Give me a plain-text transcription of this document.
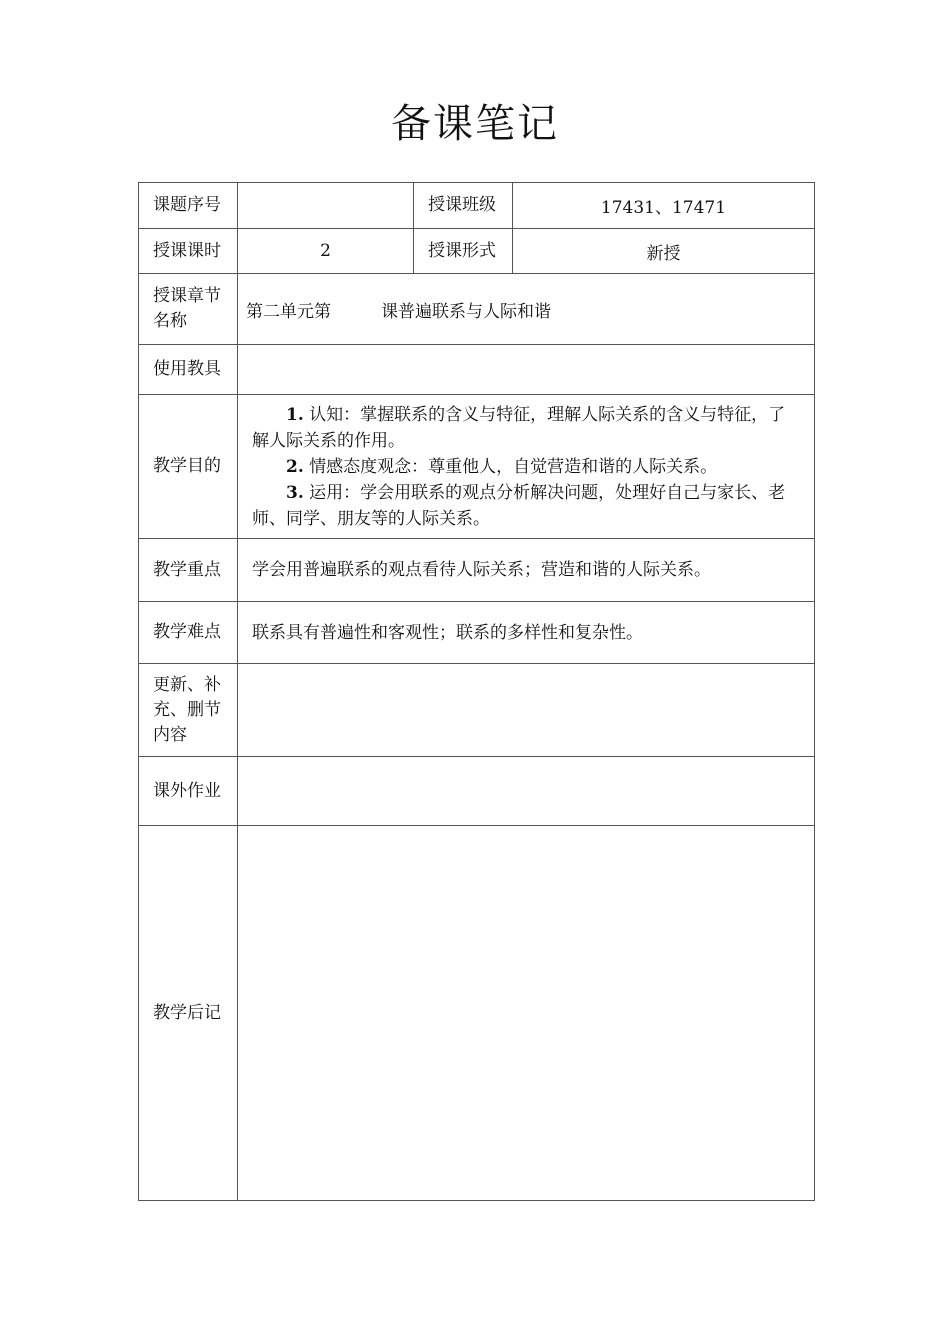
备课笔记
课题序号		授课班级	17431、17471
授课课时	2	授课形式	新授

授课章节
名称	第二单元第 课普遍联系与人际和谐		
使用教具			
教学目的	1. 认知：掌握联系的含义与特征，理解人际关系的含义与特征，了解人际关系的作用。

2. 情感态度观念：尊重他人，自觉营造和谐的人际关系。

3. 运用：学会用联系的观点分析解决问题，处理好自己与家长、老师、同学、朋友等的人际关系。		

教学重点	学会用普遍联系的观点看待人际关系；营造和谐的人际关系。		
教学难点	联系具有普遍性和客观性；联系的多样性和复杂性。		

更新、补
充、删节
内容			

课外作业			
教学后记			
